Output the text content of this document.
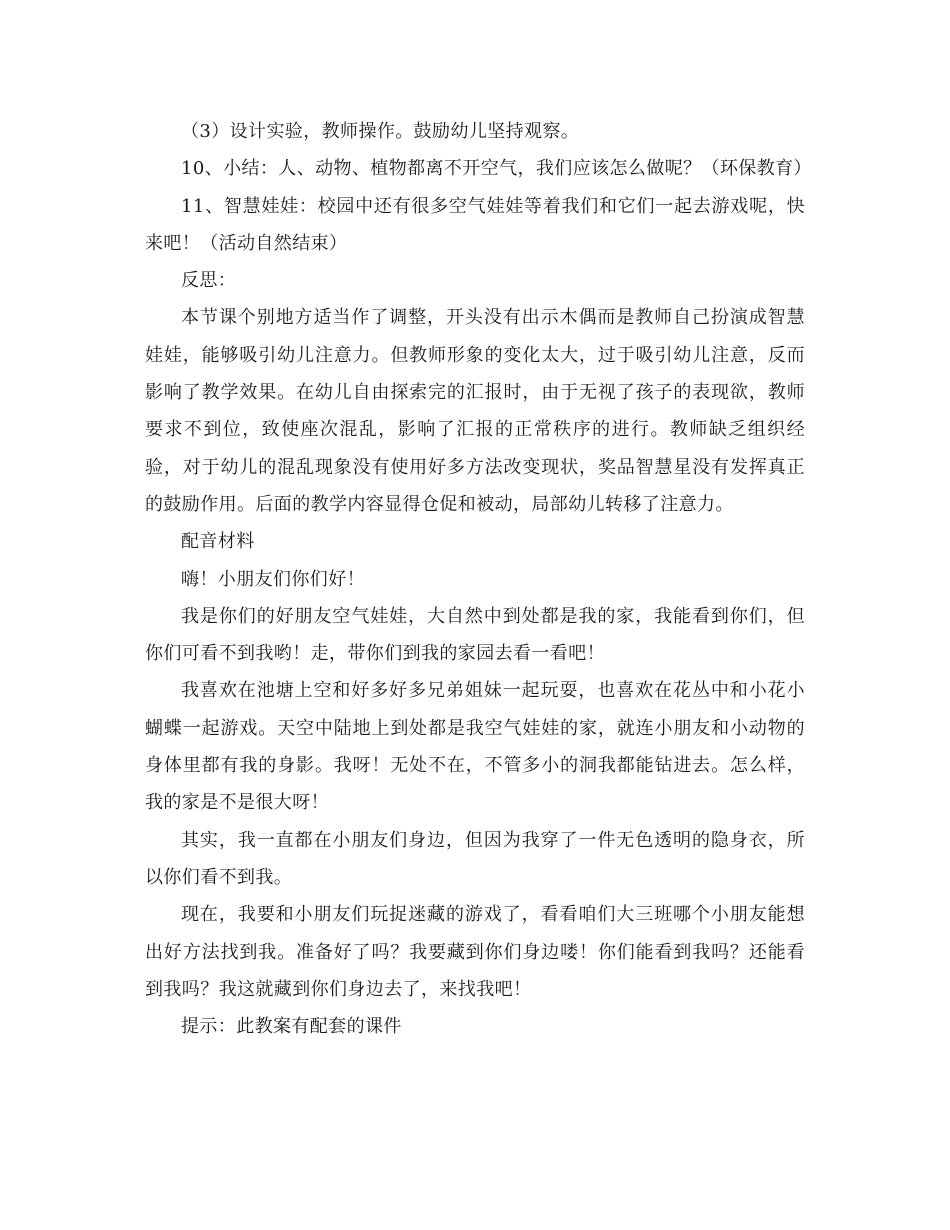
（3）设计实验，教师操作。鼓励幼儿坚持观察。

10、小结：人、动物、植物都离不开空气，我们应该怎么做呢？（环保教育）

11、智慧娃娃：校园中还有很多空气娃娃等着我们和它们一起去游戏呢，快来吧！（活动自然结束）

反思：

本节课个别地方适当作了调整，开头没有出示木偶而是教师自己扮演成智慧娃娃，能够吸引幼儿注意力。但教师形象的变化太大，过于吸引幼儿注意，反而影响了教学效果。在幼儿自由探索完的汇报时，由于无视了孩子的表现欲，教师要求不到位，致使座次混乱，影响了汇报的正常秩序的进行。教师缺乏组织经验，对于幼儿的混乱现象没有使用好多方法改变现状，奖品智慧星没有发挥真正的鼓励作用。后面的教学内容显得仓促和被动，局部幼儿转移了注意力。

配音材料

嗨！小朋友们你们好！

我是你们的好朋友空气娃娃，大自然中到处都是我的家，我能看到你们，但你们可看不到我哟！走，带你们到我的家园去看一看吧！

我喜欢在池塘上空和好多好多兄弟姐妹一起玩耍，也喜欢在花丛中和小花小蝴蝶一起游戏。天空中陆地上到处都是我空气娃娃的家，就连小朋友和小动物的身体里都有我的身影。我呀！无处不在，不管多小的洞我都能钻进去。怎么样，我的家是不是很大呀！

其实，我一直都在小朋友们身边，但因为我穿了一件无色透明的隐身衣，所以你们看不到我。

现在，我要和小朋友们玩捉迷藏的游戏了，看看咱们大三班哪个小朋友能想出好方法找到我。准备好了吗？我要藏到你们身边喽！你们能看到我吗？还能看到我吗？我这就藏到你们身边去了，来找我吧！

提示：此教案有配套的课件
